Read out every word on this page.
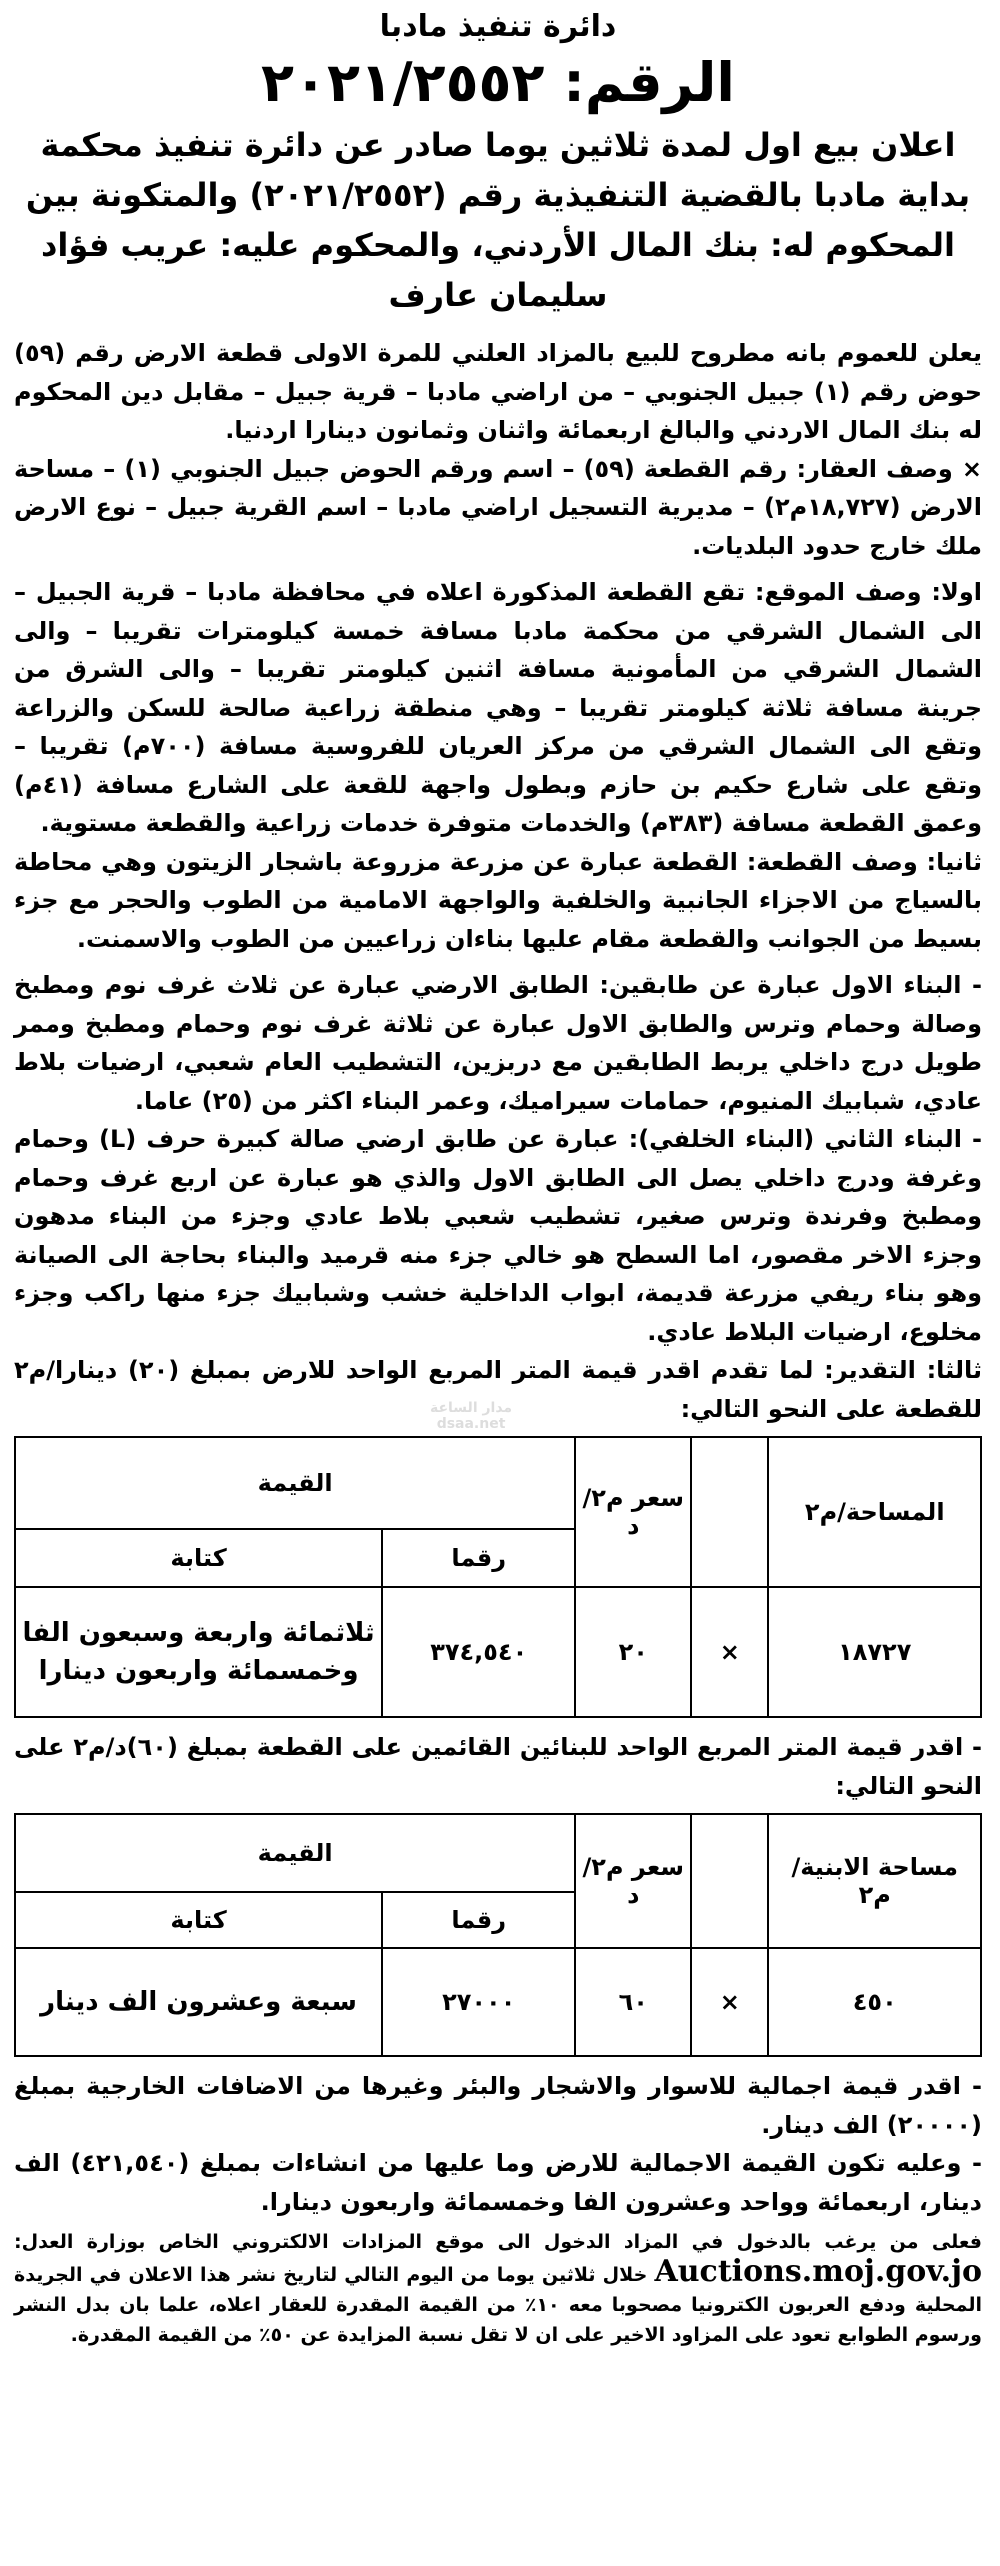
دائرة تنفيذ مادبا
الرقم: ٢٠٢١/٢٥٥٢
اعلان بيع اول لمدة ثلاثين يوما صادر عن دائرة تنفيذ محكمة بداية مادبا بالقضية التنفيذية رقم (٢٠٢١/٢٥٥٢) والمتكونة بين المحكوم له: بنك المال الأردني، والمحكوم عليه: عريب فؤاد سليمان عارف

يعلن للعموم بانه مطروح للبيع بالمزاد العلني للمرة الاولى قطعة الارض رقم (٥٩) حوض رقم (١) جبيل الجنوبي – من اراضي مادبا – قرية جبيل – مقابل دين المحكوم له بنك المال الاردني والبالغ اربعمائة واثنان وثمانون دينارا اردنيا.

× وصف العقار: رقم القطعة (٥٩) – اسم ورقم الحوض جبيل الجنوبي (١) – مساحة الارض (١٨,٧٢٧م٢) – مديرية التسجيل اراضي مادبا – اسم القرية جبيل – نوع الارض ملك خارج حدود البلديات.

اولا: وصف الموقع: تقع القطعة المذكورة اعلاه في محافظة مادبا – قرية الجبيل – الى الشمال الشرقي من محكمة مادبا مسافة خمسة كيلومترات تقريبا – والى الشمال الشرقي من المأمونية مسافة اثنين كيلومتر تقريبا – والى الشرق من جرينة مسافة ثلاثة كيلومتر تقريبا – وهي منطقة زراعية صالحة للسكن والزراعة وتقع الى الشمال الشرقي من مركز العريان للفروسية مسافة (٧٠٠م) تقريبا – وتقع على شارع حكيم بن حازم وبطول واجهة للقعة على الشارع مسافة (٤١م) وعمق القطعة مسافة (٣٨٣م) والخدمات متوفرة خدمات زراعية والقطعة مستوية.

ثانيا: وصف القطعة: القطعة عبارة عن مزرعة مزروعة باشجار الزيتون وهي محاطة بالسياج من الاجزاء الجانبية والخلفية والواجهة الامامية من الطوب والحجر مع جزء بسيط من الجوانب والقطعة مقام عليها بناءان زراعيين من الطوب والاسمنت.

- البناء الاول عبارة عن طابقين: الطابق الارضي عبارة عن ثلاث غرف نوم ومطبخ وصالة وحمام وترس والطابق الاول عبارة عن ثلاثة غرف نوم وحمام ومطبخ وممر طويل درج داخلي يربط الطابقين مع دربزين، التشطيب العام شعبي، ارضيات بلاط عادي، شبابيك المنيوم، حمامات سيراميك، وعمر البناء اكثر من (٢٥) عاما.

- البناء الثاني (البناء الخلفي): عبارة عن طابق ارضي صالة كبيرة حرف (L) وحمام وغرفة ودرج داخلي يصل الى الطابق الاول والذي هو عبارة عن اربع غرف وحمام ومطبخ وفرندة وترس صغير، تشطيب شعبي بلاط عادي وجزء من البناء مدهون وجزء الاخر مقصور، اما السطح هو خالي جزء منه قرميد والبناء بحاجة الى الصيانة وهو بناء ريفي مزرعة قديمة، ابواب الداخلية خشب وشبابيك جزء منها راكب وجزء مخلوع، ارضيات البلاط عادي.

ثالثا: التقدير: لما تقدم اقدر قيمة المتر المربع الواحد للارض بمبلغ (٢٠) دينارا/م٢ للقطعة على النحو التالي:

المساحة/م٢		سعر م٢/د	القيمة	
			رقما	كتابة
١٨٧٢٧	×	٢٠	٣٧٤,٥٤٠	ثلاثمائة واربعة وسبعون الفا وخمسمائة واربعون دينارا

- اقدر قيمة المتر المربع الواحد للبنائين القائمين على القطعة بمبلغ (٦٠)د/م٢ على النحو التالي:

مساحة الابنية/م٢		سعر م٢/د	القيمة	
			رقما	كتابة
٤٥٠	×	٦٠	٢٧٠٠٠	سبعة وعشرون الف دينار

- اقدر قيمة اجمالية للاسوار والاشجار والبئر وغيرها من الاضافات الخارجية بمبلغ (٢٠٠٠٠) الف دينار.

- وعليه تكون القيمة الاجمالية للارض وما عليها من انشاءات بمبلغ (٤٢١,٥٤٠) الف دينار، اربعمائة وواحد وعشرون الفا وخمسمائة واربعون دينارا.

فعلى من يرغب بالدخول في المزاد الدخول الى موقع المزادات الالكتروني الخاص بوزارة العدل: Auctions.moj.gov.jo خلال ثلاثين يوما من اليوم التالي لتاريخ نشر هذا الاعلان في الجريدة المحلية ودفع العربون الكترونيا مصحوبا معه ١٠٪ من القيمة المقدرة للعقار اعلاه، علما بان بدل النشر ورسوم الطوابع تعود على المزاود الاخير على ان لا تقل نسبة المزايدة عن ٥٠٪ من القيمة المقدرة.

مدار الساعة
dsaa.net
